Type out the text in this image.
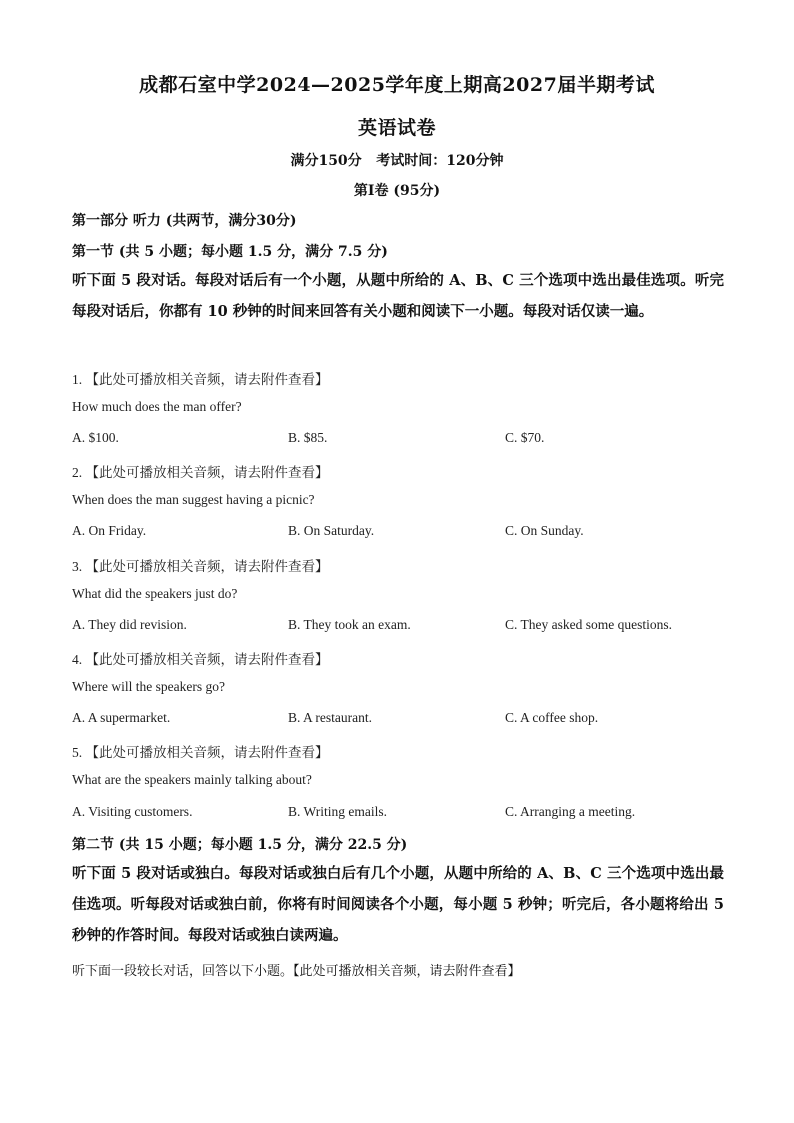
成都石室中学2024—2025学年度上期高2027届半期考试
英语试卷
满分150分   考试时间：120分钟
第I卷 (95分)
第一部分 听力 (共两节，满分30分)
第一节 (共 5 小题；每小题 1.5 分，满分 7.5 分)
听下面 5 段对话。每段对话后有一个小题，从题中所给的 A、B、C 三个选项中选出最佳选项。听完每段对话后，你都有 10 秒钟的时间来回答有关小题和阅读下一小题。每段对话仅读一遍。
1. 【此处可播放相关音频，请去附件查看】
How much does the man offer?
A. $100.	B. $85.	C. $70.
2. 【此处可播放相关音频，请去附件查看】
When does the man suggest having a picnic?
A. On Friday.	B. On Saturday.	C. On Sunday.
3. 【此处可播放相关音频，请去附件查看】
What did the speakers just do?
A. They did revision.	B. They took an exam.	C. They asked some questions.
4. 【此处可播放相关音频，请去附件查看】
Where will the speakers go?
A. A supermarket.	B. A restaurant.	C. A coffee shop.
5. 【此处可播放相关音频，请去附件查看】
What are the speakers mainly talking about?
A. Visiting customers.	B. Writing emails.	C. Arranging a meeting.
第二节 (共 15 小题；每小题 1.5 分，满分 22.5 分)
听下面 5 段对话或独白。每段对话或独白后有几个小题，从题中所给的 A、B、C 三个选项中选出最佳选项。听每段对话或独白前，你将有时间阅读各个小题，每小题 5 秒钟；听完后，各小题将给出 5 秒钟的作答时间。每段对话或独白读两遍。
听下面一段较长对话，回答以下小题。【此处可播放相关音频，请去附件查看】
